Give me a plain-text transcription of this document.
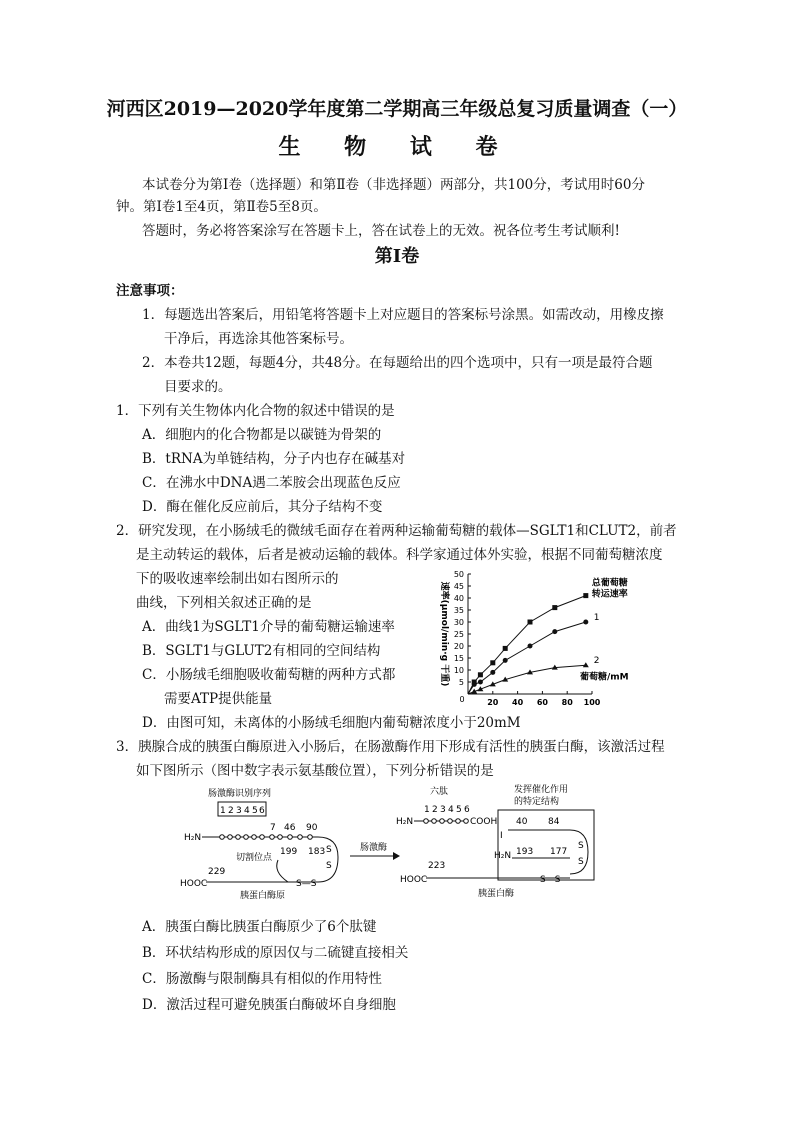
河西区2019—2020学年度第二学期高三年级总复习质量调查（一）
生 物 试 卷
本试卷分为第Ⅰ卷（选择题）和第Ⅱ卷（非选择题）两部分，共100分，考试用时60分
钟。第Ⅰ卷1至4页，第Ⅱ卷5至8页。
答题时，务必将答案涂写在答题卡上，答在试卷上的无效。祝各位考生考试顺利!
第Ⅰ卷
注意事项：
1．每题选出答案后，用铅笔将答题卡上对应题目的答案标号涂黑。如需改动，用橡皮擦
干净后，再选涂其他答案标号。
2．本卷共12题，每题4分，共48分。在每题给出的四个选项中，只有一项是最符合题
目要求的。
1．下列有关生物体内化合物的叙述中错误的是
A．细胞内的化合物都是以碳链为骨架的
B．tRNA为单链结构，分子内也存在碱基对
C．在沸水中DNA遇二苯胺会出现蓝色反应
D．酶在催化反应前后，其分子结构不变
2．研究发现，在小肠绒毛的微绒毛面存在着两种运输葡萄糖的载体—SGLT1和CLUT2，前者
是主动转运的载体，后者是被动运输的载体。科学家通过体外实验，根据不同葡萄糖浓度
下的吸收速率绘制出如右图所示的
曲线，下列相关叙述正确的是
A．曲线1为SGLT1介导的葡萄糖运输速率
B．SGLT1与GLUT2有相同的空间结构
C．小肠绒毛细胞吸收葡萄糖的两种方式都
需要ATP提供能量
D．由图可知，未离体的小肠绒毛细胞内葡萄糖浓度小于20mM
5
10
15
20
25
30
35
40
45
50
20 40 60 80 100
0
速率(μmol/min·g 干重)	葡萄糖/mM
总葡萄糖
转运速率
1
2
3．胰腺合成的胰蛋白酶原进入小肠后，在肠激酶作用下形成有活性的胰蛋白酶，该激活过程
如下图所示（图中数字表示氨基酸位置），下列分析错误的是
肠激酶识别序列
H₂N
1 2 3 4 5 6
7 46 90
S
S
切割位点
199 183
229
HOOC	S—S
胰蛋白酶原
肠激酶
六肽
H₂N
1 2 3 4 5 6
COOH
发挥催化作用
的特定结构
I
40 84
S
S
H₂N 193 177
223
HOOC	S—S
胰蛋白酶
A．胰蛋白酶比胰蛋白酶原少了6个肽键
B．环状结构形成的原因仅与二硫键直接相关
C．肠激酶与限制酶具有相似的作用特性
D．激活过程可避免胰蛋白酶破坏自身细胞
